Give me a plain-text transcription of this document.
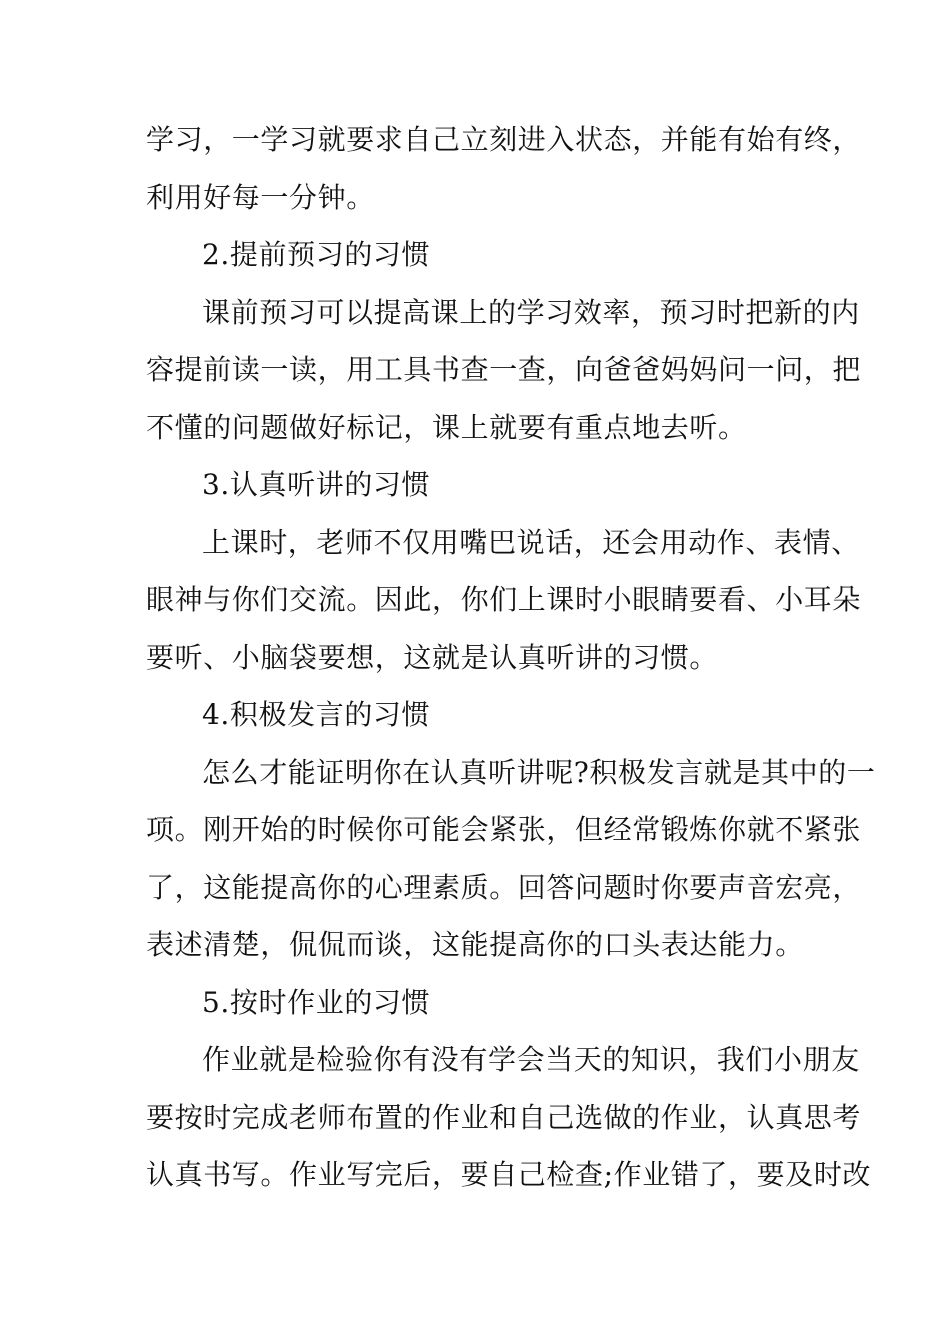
学习，一学习就要求自己立刻进入状态，并能有始有终，
利用好每一分钟。
2.提前预习的习惯
课前预习可以提高课上的学习效率，预习时把新的内
容提前读一读，用工具书查一查，向爸爸妈妈问一问，把
不懂的问题做好标记，课上就要有重点地去听。
3.认真听讲的习惯
上课时，老师不仅用嘴巴说话，还会用动作、表情、
眼神与你们交流。因此，你们上课时小眼睛要看、小耳朵
要听、小脑袋要想，这就是认真听讲的习惯。
4.积极发言的习惯
怎么才能证明你在认真听讲呢?积极发言就是其中的一
项。刚开始的时候你可能会紧张，但经常锻炼你就不紧张
了，这能提高你的心理素质。回答问题时你要声音宏亮，
表述清楚，侃侃而谈，这能提高你的口头表达能力。
5.按时作业的习惯
作业就是检验你有没有学会当天的知识，我们小朋友
要按时完成老师布置的作业和自己选做的作业，认真思考
认真书写。作业写完后，要自己检查;作业错了，要及时改
